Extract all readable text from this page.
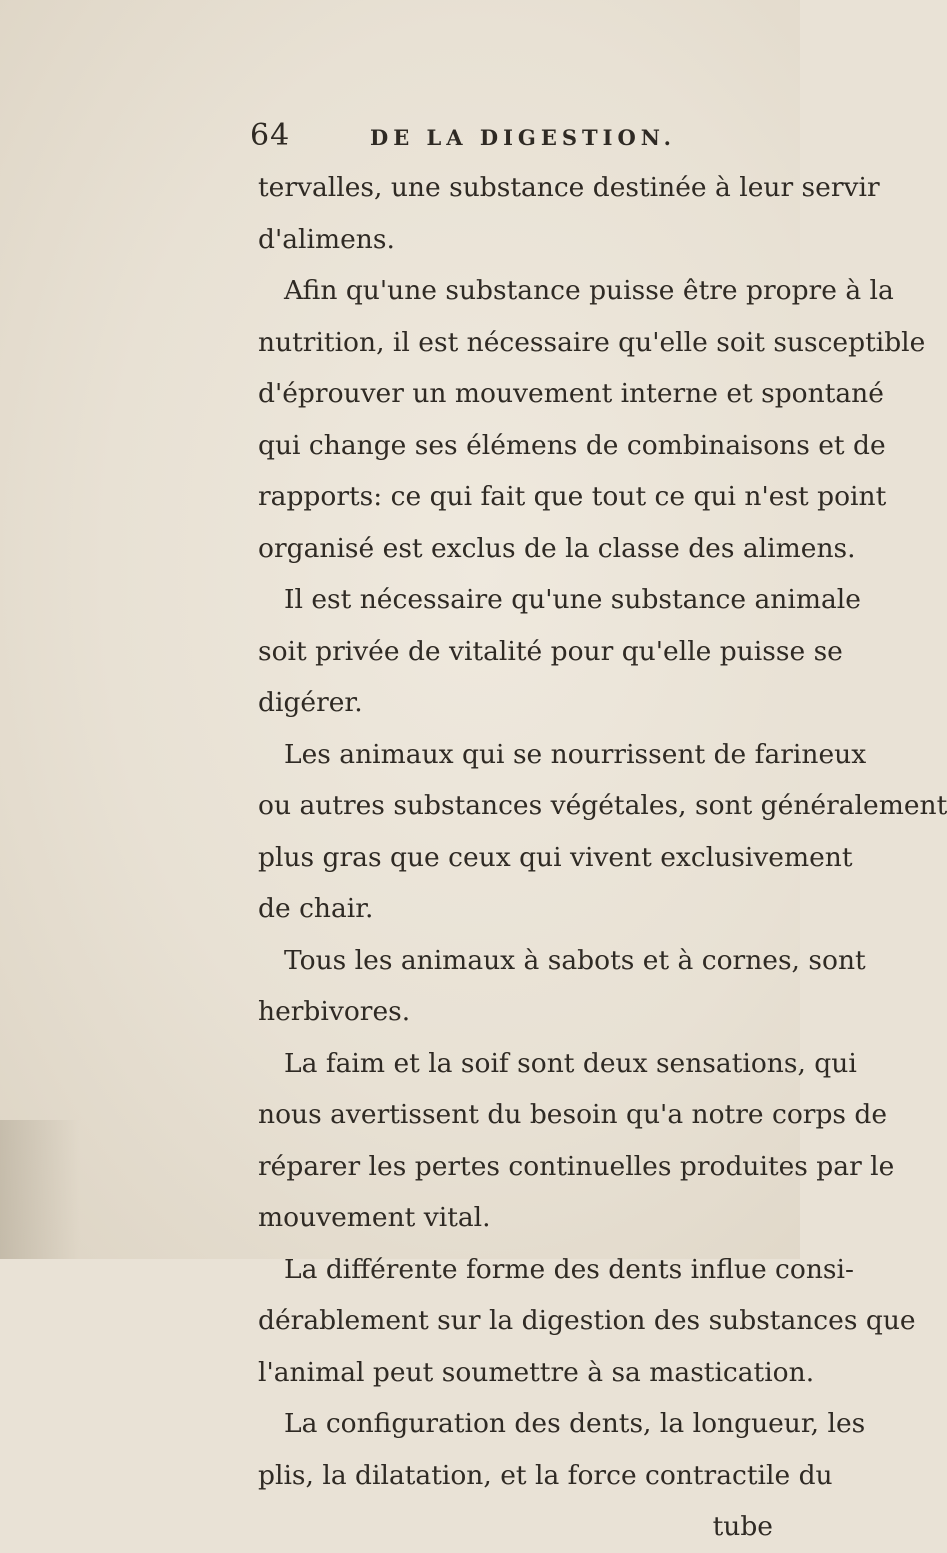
64	DE LA DIGESTION.
tervalles, une substance destinée à leur servir
d'alimens.
Afin qu'une substance puisse être propre à la
nutrition, il est nécessaire qu'elle soit susceptible
d'éprouver un mouvement interne et spontané
qui change ses élémens de combinaisons et de
rapports: ce qui fait que tout ce qui n'est point
organisé est exclus de la classe des alimens.
Il est nécessaire qu'une substance animale
soit privée de vitalité pour qu'elle puisse se
digérer.
Les animaux qui se nourrissent de farineux
ou autres substances végétales, sont généralement
plus gras que ceux qui vivent exclusivement
de chair.
Tous les animaux à sabots et à cornes, sont
herbivores.
La faim et la soif sont deux sensations, qui
nous avertissent du besoin qu'a notre corps de
réparer les pertes continuelles produites par le
mouvement vital.
La différente forme des dents influe consi-
dérablement sur la digestion des substances que
l'animal peut soumettre à sa mastication.
La configuration des dents, la longueur, les
plis, la dilatation, et la force contractile du
tube
